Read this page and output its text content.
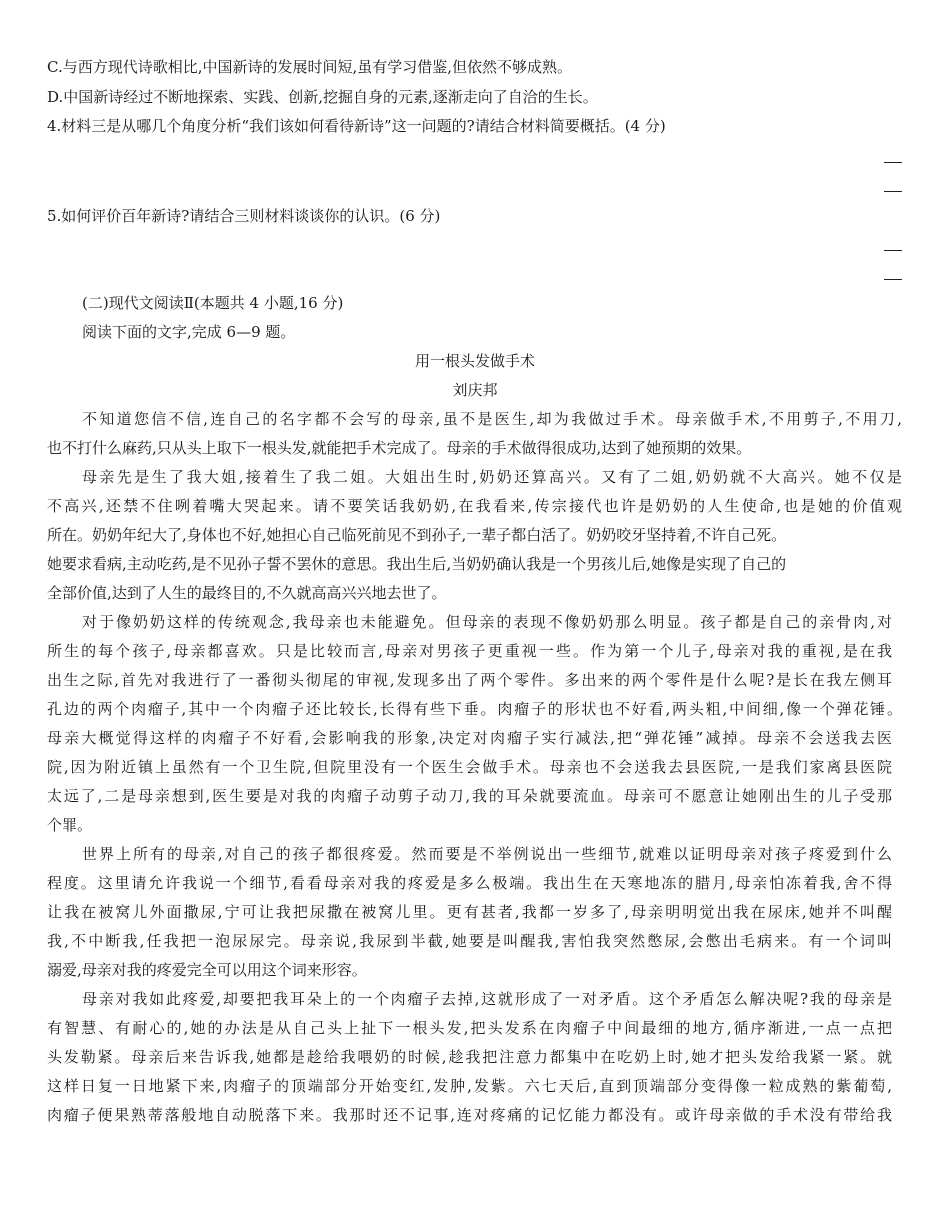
C.与西方现代诗歌相比,中国新诗的发展时间短,虽有学习借鉴,但依然不够成熟。
D.中国新诗经过不断地探索、实践、创新,挖掘自身的元素,逐渐走向了自洽的生长。
4.材料三是从哪几个角度分析“我们该如何看待新诗”这一问题的?请结合材料简要概括。(4 分)
5.如何评价百年新诗?请结合三则材料谈谈你的认识。(6 分)
(二)现代文阅读Ⅱ(本题共 4 小题,16 分)
阅读下面的文字,完成 6—9 题。
用一根头发做手术
刘庆邦
不知道您信不信,连自己的名字都不会写的母亲,虽不是医生,却为我做过手术。母亲做手术,不用剪子,不用刀,
也不打什么麻药,只从头上取下一根头发,就能把手术完成了。母亲的手术做得很成功,达到了她预期的效果。
母亲先是生了我大姐,接着生了我二姐。大姐出生时,奶奶还算高兴。又有了二姐,奶奶就不大高兴。她不仅是
不高兴,还禁不住咧着嘴大哭起来。请不要笑话我奶奶,在我看来,传宗接代也许是奶奶的人生使命,也是她的价值观
所在。奶奶年纪大了,身体也不好,她担心自己临死前见不到孙子,一辈子都白活了。奶奶咬牙坚持着,不许自己死。
她要求看病,主动吃药,是不见孙子誓不罢休的意思。我出生后,当奶奶确认我是一个男孩儿后,她像是实现了自己的
全部价值,达到了人生的最终目的,不久就高高兴兴地去世了。
对于像奶奶这样的传统观念,我母亲也未能避免。但母亲的表现不像奶奶那么明显。孩子都是自己的亲骨肉,对
所生的每个孩子,母亲都喜欢。只是比较而言,母亲对男孩子更重视一些。作为第一个儿子,母亲对我的重视,是在我
出生之际,首先对我进行了一番彻头彻尾的审视,发现多出了两个零件。多出来的两个零件是什么呢?是长在我左侧耳
孔边的两个肉瘤子,其中一个肉瘤子还比较长,长得有些下垂。肉瘤子的形状也不好看,两头粗,中间细,像一个弹花锤。
母亲大概觉得这样的肉瘤子不好看,会影响我的形象,决定对肉瘤子实行减法,把“弹花锤”减掉。母亲不会送我去医
院,因为附近镇上虽然有一个卫生院,但院里没有一个医生会做手术。母亲也不会送我去县医院,一是我们家离县医院
太远了,二是母亲想到,医生要是对我的肉瘤子动剪子动刀,我的耳朵就要流血。母亲可不愿意让她刚出生的儿子受那
个罪。
世界上所有的母亲,对自己的孩子都很疼爱。然而要是不举例说出一些细节,就难以证明母亲对孩子疼爱到什么
程度。这里请允许我说一个细节,看看母亲对我的疼爱是多么极端。我出生在天寒地冻的腊月,母亲怕冻着我,舍不得
让我在被窝儿外面撒尿,宁可让我把尿撒在被窝儿里。更有甚者,我都一岁多了,母亲明明觉出我在尿床,她并不叫醒
我,不中断我,任我把一泡尿尿完。母亲说,我尿到半截,她要是叫醒我,害怕我突然憋尿,会憋出毛病来。有一个词叫
溺爱,母亲对我的疼爱完全可以用这个词来形容。
母亲对我如此疼爱,却要把我耳朵上的一个肉瘤子去掉,这就形成了一对矛盾。这个矛盾怎么解决呢?我的母亲是
有智慧、有耐心的,她的办法是从自己头上扯下一根头发,把头发系在肉瘤子中间最细的地方,循序渐进,一点一点把
头发勒紧。母亲后来告诉我,她都是趁给我喂奶的时候,趁我把注意力都集中在吃奶上时,她才把头发给我紧一紧。就
这样日复一日地紧下来,肉瘤子的顶端部分开始变红,发肿,发紫。六七天后,直到顶端部分变得像一粒成熟的紫葡萄,
肉瘤子便果熟蒂落般地自动脱落下来。我那时还不记事,连对疼痛的记忆能力都没有。或许母亲做的手术没有带给我
